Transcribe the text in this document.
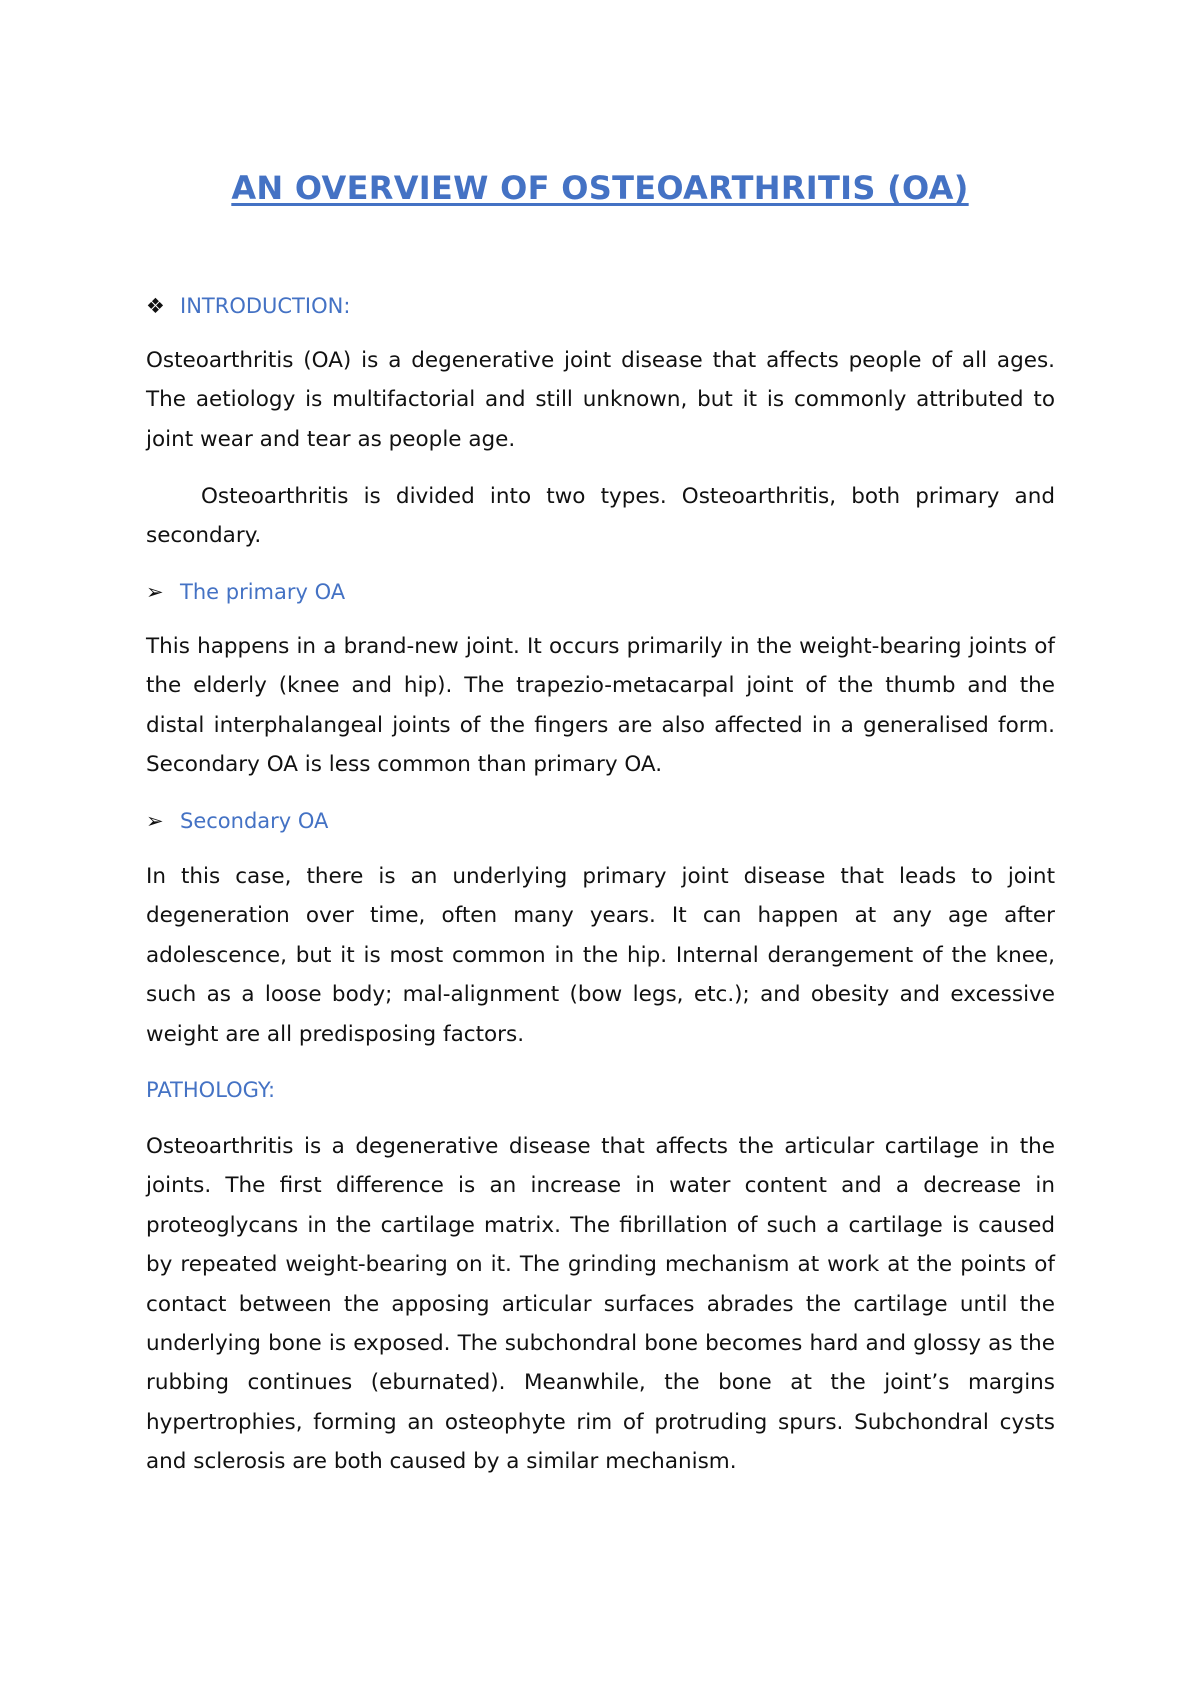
AN OVERVIEW OF OSTEOARTHRITIS (OA)

❖ INTRODUCTION:

Osteoarthritis (OA) is a degenerative joint disease that affects people of all ages. The aetiology is multifactorial and still unknown, but it is commonly attributed to joint wear and tear as people age.

Osteoarthritis is divided into two types. Osteoarthritis, both primary and secondary.

➢ The primary OA

This happens in a brand-new joint. It occurs primarily in the weight-bearing joints of the elderly (knee and hip). The trapezio-metacarpal joint of the thumb and the distal interphalangeal joints of the fingers are also affected in a generalised form. Secondary OA is less common than primary OA.

➢ Secondary OA

In this case, there is an underlying primary joint disease that leads to joint degeneration over time, often many years. It can happen at any age after adolescence, but it is most common in the hip. Internal derangement of the knee, such as a loose body; mal-alignment (bow legs, etc.); and obesity and excessive weight are all predisposing factors.

PATHOLOGY:

Osteoarthritis is a degenerative disease that affects the articular cartilage in the joints. The first difference is an increase in water content and a decrease in proteoglycans in the cartilage matrix. The fibrillation of such a cartilage is caused by repeated weight-bearing on it. The grinding mechanism at work at the points of contact between the apposing articular surfaces abrades the cartilage until the underlying bone is exposed. The subchondral bone becomes hard and glossy as the rubbing continues (eburnated). Meanwhile, the bone at the joint’s margins hypertrophies, forming an osteophyte rim of protruding spurs. Subchondral cysts and sclerosis are both caused by a similar mechanism.
